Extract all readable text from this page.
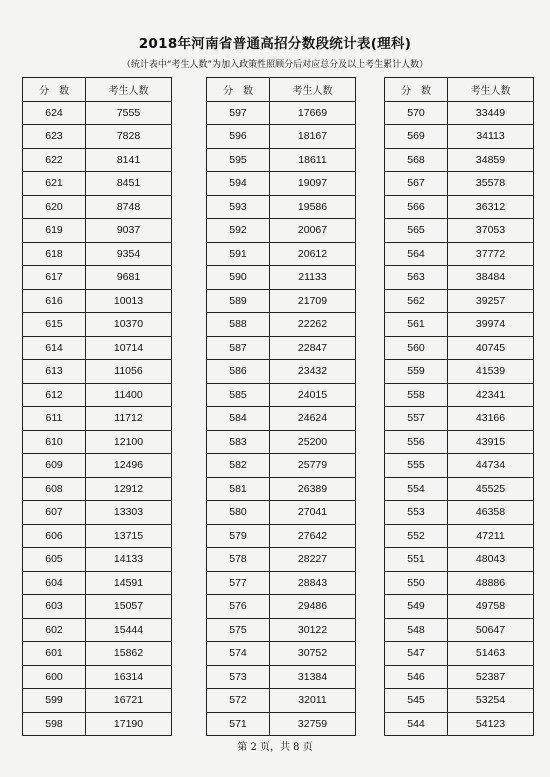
2018年河南省普通高招分数段统计表(理科)
（统计表中“考生人数”为加入政策性照顾分后对应总分及以上考生累计人数）
分　数	考生人数
624	7555
623	7828
622	8141
621	8451
620	8748
619	9037
618	9354
617	9681
616	10013
615	10370
614	10714
613	11056
612	11400
611	11712
610	12100
609	12496
608	12912
607	13303
606	13715
605	14133
604	14591
603	15057
602	15444
601	15862
600	16314
599	16721
598	17190
分　数	考生人数
597	17669
596	18167
595	18611
594	19097
593	19586
592	20067
591	20612
590	21133
589	21709
588	22262
587	22847
586	23432
585	24015
584	24624
583	25200
582	25779
581	26389
580	27041
579	27642
578	28227
577	28843
576	29486
575	30122
574	30752
573	31384
572	32011
571	32759
分　数	考生人数
570	33449
569	34113
568	34859
567	35578
566	36312
565	37053
564	37772
563	38484
562	39257
561	39974
560	40745
559	41539
558	42341
557	43166
556	43915
555	44734
554	45525
553	46358
552	47211
551	48043
550	48886
549	49758
548	50647
547	51463
546	52387
545	53254
544	54123
第 2 页，共 8 页
